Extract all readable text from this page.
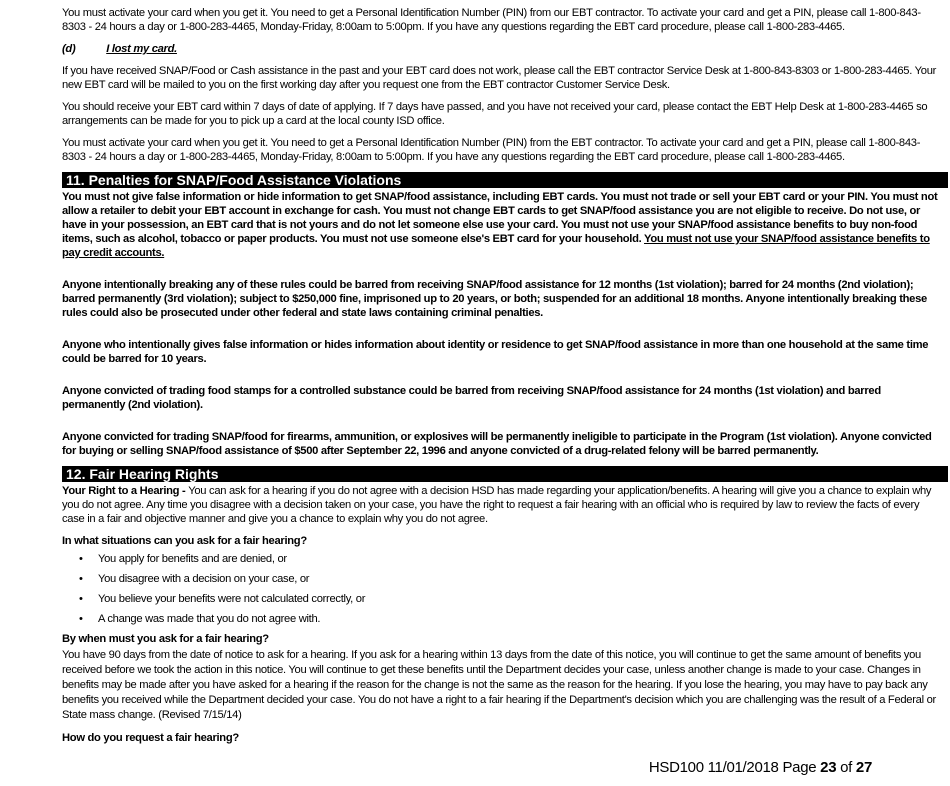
You must activate your card when you get it. You need to get a Personal Identification Number (PIN) from our EBT contractor. To activate your card and get a PIN, please call 1-800-843-8303 - 24 hours a day or 1-800-283-4465, Monday-Friday, 8:00am to 5:00pm. If you have any questions regarding the EBT card procedure, please call 1-800-283-4465.
(d)	I lost my card.
If you have received SNAP/Food or Cash assistance in the past and your EBT card does not work, please call the EBT contractor Service Desk at 1-800-843-8303 or 1-800-283-4465. Your new EBT card will be mailed to you on the first working day after you request one from the EBT contractor Customer Service Desk.
You should receive your EBT card within 7 days of date of applying. If 7 days have passed, and you have not received your card, please contact the EBT Help Desk at 1-800-283-4465 so arrangements can be made for you to pick up a card at the local county ISD office.
You must activate your card when you get it. You need to get a Personal Identification Number (PIN) from the EBT contractor. To activate your card and get a PIN, please call 1-800-843-8303 - 24 hours a day or 1-800-283-4465, Monday-Friday, 8:00am to 5:00pm. If you have any questions regarding the EBT card procedure, please call 1-800-283-4465.
11. Penalties for SNAP/Food Assistance Violations
You must not give false information or hide information to get SNAP/food assistance, including EBT cards. You must not trade or sell your EBT card or your PIN. You must not allow a retailer to debit your EBT account in exchange for cash. You must not change EBT cards to get SNAP/food assistance you are not eligible to receive. Do not use, or have in your possession, an EBT card that is not yours and do not let someone else use your card. You must not use your SNAP/food assistance benefits to buy non-food items, such as alcohol, tobacco or paper products. You must not use someone else's EBT card for your household. You must not use your SNAP/food assistance benefits to pay credit accounts.
Anyone intentionally breaking any of these rules could be barred from receiving SNAP/food assistance for 12 months (1st violation); barred for 24 months (2nd violation); barred permanently (3rd violation); subject to $250,000 fine, imprisoned up to 20 years, or both; suspended for an additional 18 months. Anyone intentionally breaking these rules could also be prosecuted under other federal and state laws containing criminal penalties.
Anyone who intentionally gives false information or hides information about identity or residence to get SNAP/food assistance in more than one household at the same time could be barred for 10 years.
Anyone convicted of trading food stamps for a controlled substance could be barred from receiving SNAP/food assistance for 24 months (1st violation) and barred permanently (2nd violation).
Anyone convicted for trading SNAP/food for firearms, ammunition, or explosives will be permanently ineligible to participate in the Program (1st violation). Anyone convicted for buying or selling SNAP/food assistance of $500 after September 22, 1996 and anyone convicted of a drug-related felony will be barred permanently.
12. Fair Hearing Rights
Your Right to a Hearing - You can ask for a hearing if you do not agree with a decision HSD has made regarding your application/benefits. A hearing will give you a chance to explain why you do not agree. Any time you disagree with a decision taken on your case, you have the right to request a fair hearing with an official who is required by law to review the facts of every case in a fair and objective manner and give you a chance to explain why you do not agree.
In what situations can you ask for a fair hearing?
• You apply for benefits and are denied, or
• You disagree with a decision on your case, or
• You believe your benefits were not calculated correctly, or
• A change was made that you do not agree with.
By when must you ask for a fair hearing?
You have 90 days from the date of notice to ask for a hearing. If you ask for a hearing within 13 days from the date of this notice, you will continue to get the same amount of benefits you received before we took the action in this notice. You will continue to get these benefits until the Department decides your case, unless another change is made to your case. Changes in benefits may be made after you have asked for a hearing if the reason for the change is not the same as the reason for the hearing. If you lose the hearing, you may have to pay back any benefits you received while the Department decided your case. You do not have a right to a fair hearing if the Department's decision which you are challenging was the result of a Federal or State mass change. (Revised 7/15/14)
How do you request a fair hearing?
HSD100 11/01/2018 Page 23 of 27
